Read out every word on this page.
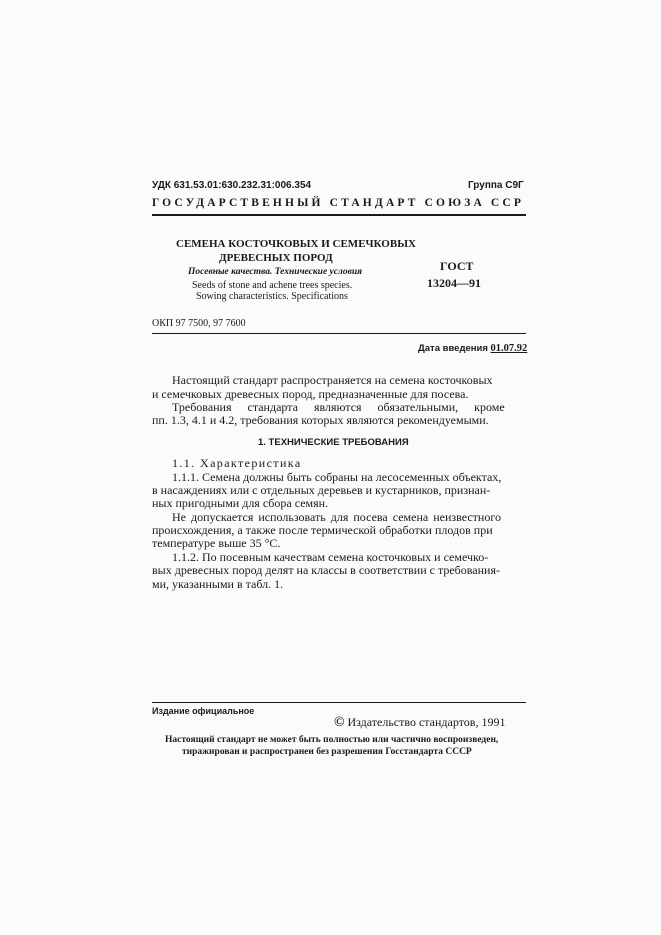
УДК 631.53.01:630.232.31:006.354	Группа С9Г
ГОСУДАРСТВЕННЫЙ СТАНДАРТ СОЮЗА ССР
СЕМЕНА КОСТОЧКОВЫХ И СЕМЕЧКОВЫХ
ДРЕВЕСНЫХ ПОРОД
Посевные качества. Технические условия
Seeds of stone and achene trees species.
Sowing characteristics. Specifications
ГОСТ
13204—91
ОКП 97 7500, 97 7600
Дата введения 01.07.92
Настоящий стандарт распространяется на семена косточковых
и семечковых древесных пород, предназначенные для посева.
Требования стандарта являются обязательными, кроме
пп. 1.3, 4.1 и 4.2, требования которых являются рекомендуемыми.
1. ТЕХНИЧЕСКИЕ ТРЕБОВАНИЯ
1.1. Характеристика
1.1.1. Семена должны быть собраны на лесосеменных объектах,
в насаждениях или с отдельных деревьев и кустарников, признан-
ных пригодными для сбора семян.
Не допускается использовать для посева семена неизвестного
происхождения, а также после термической обработки плодов при
температуре выше 35 °С.
1.1.2. По посевным качествам семена косточковых и семечко-
вых древесных пород делят на классы в соответствии с требования-
ми, указанными в табл. 1.
Издание официальное
© Издательство стандартов, 1991
Настоящий стандарт не может быть полностью или частично воспроизведен,
тиражирован и распространен без разрешения Госстандарта СССР
